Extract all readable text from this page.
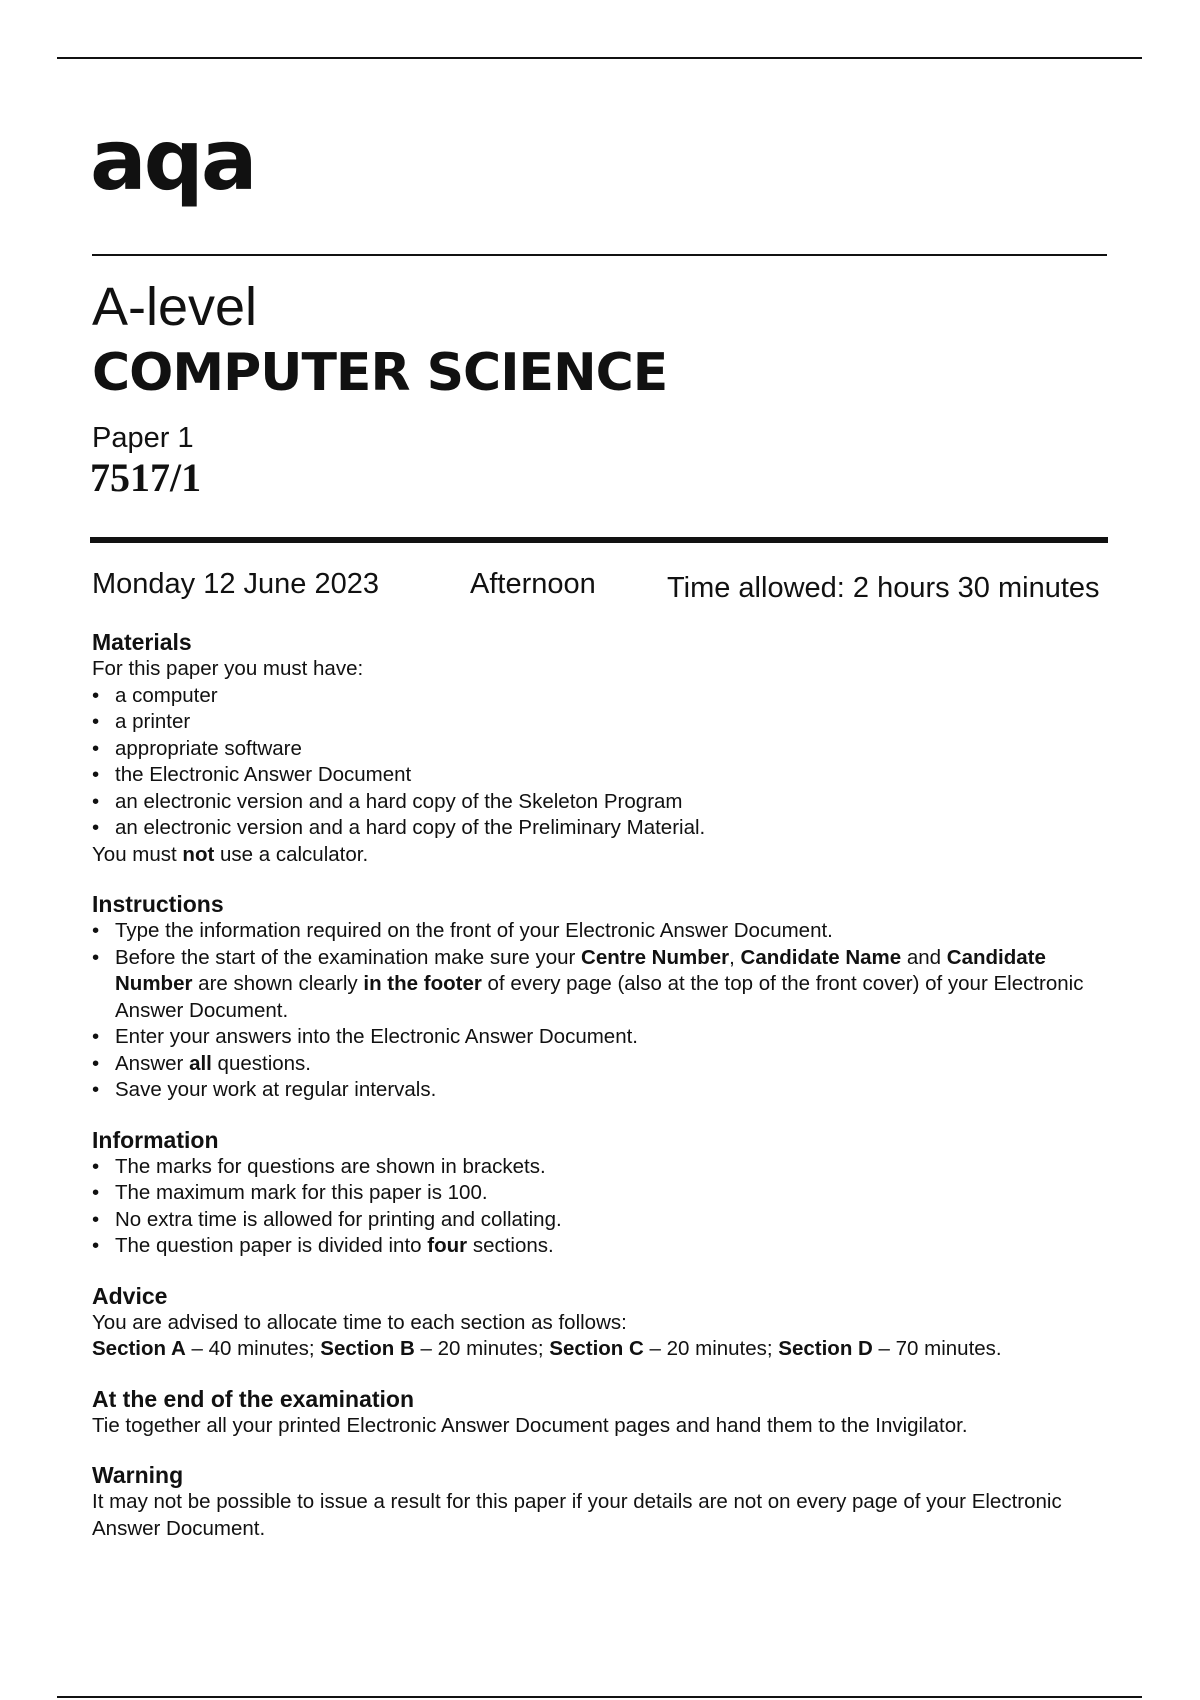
aqa
A-level
COMPUTER SCIENCE
Paper 1
7517/1
Monday 12 June 2023	Afternoon Time allowed: 2 hours 30 minutes
Materials

For this paper you must have:

• a computer
• a printer
• appropriate software
• the Electronic Answer Document
• an electronic version and a hard copy of the Skeleton Program
• an electronic version and a hard copy of the Preliminary Material.

You must not use a calculator.

Instructions
• Type the information required on the front of your Electronic Answer Document.
• Before the start of the examination make sure your Centre Number, Candidate Name and Candidate Number are shown clearly in the footer of every page (also at the top of the front cover) of your Electronic Answer Document.
• Enter your answers into the Electronic Answer Document.
• Answer all questions.
• Save your work at regular intervals.
Information
• The marks for questions are shown in brackets.
• The maximum mark for this paper is 100.
• No extra time is allowed for printing and collating.
• The question paper is divided into four sections.
Advice

You are advised to allocate time to each section as follows:

Section A – 40 minutes; Section B – 20 minutes; Section C – 20 minutes; Section D – 70 minutes.

At the end of the examination

Tie together all your printed Electronic Answer Document pages and hand them to the Invigilator.

Warning

It may not be possible to issue a result for this paper if your details are not on every page of your Electronic Answer Document.
